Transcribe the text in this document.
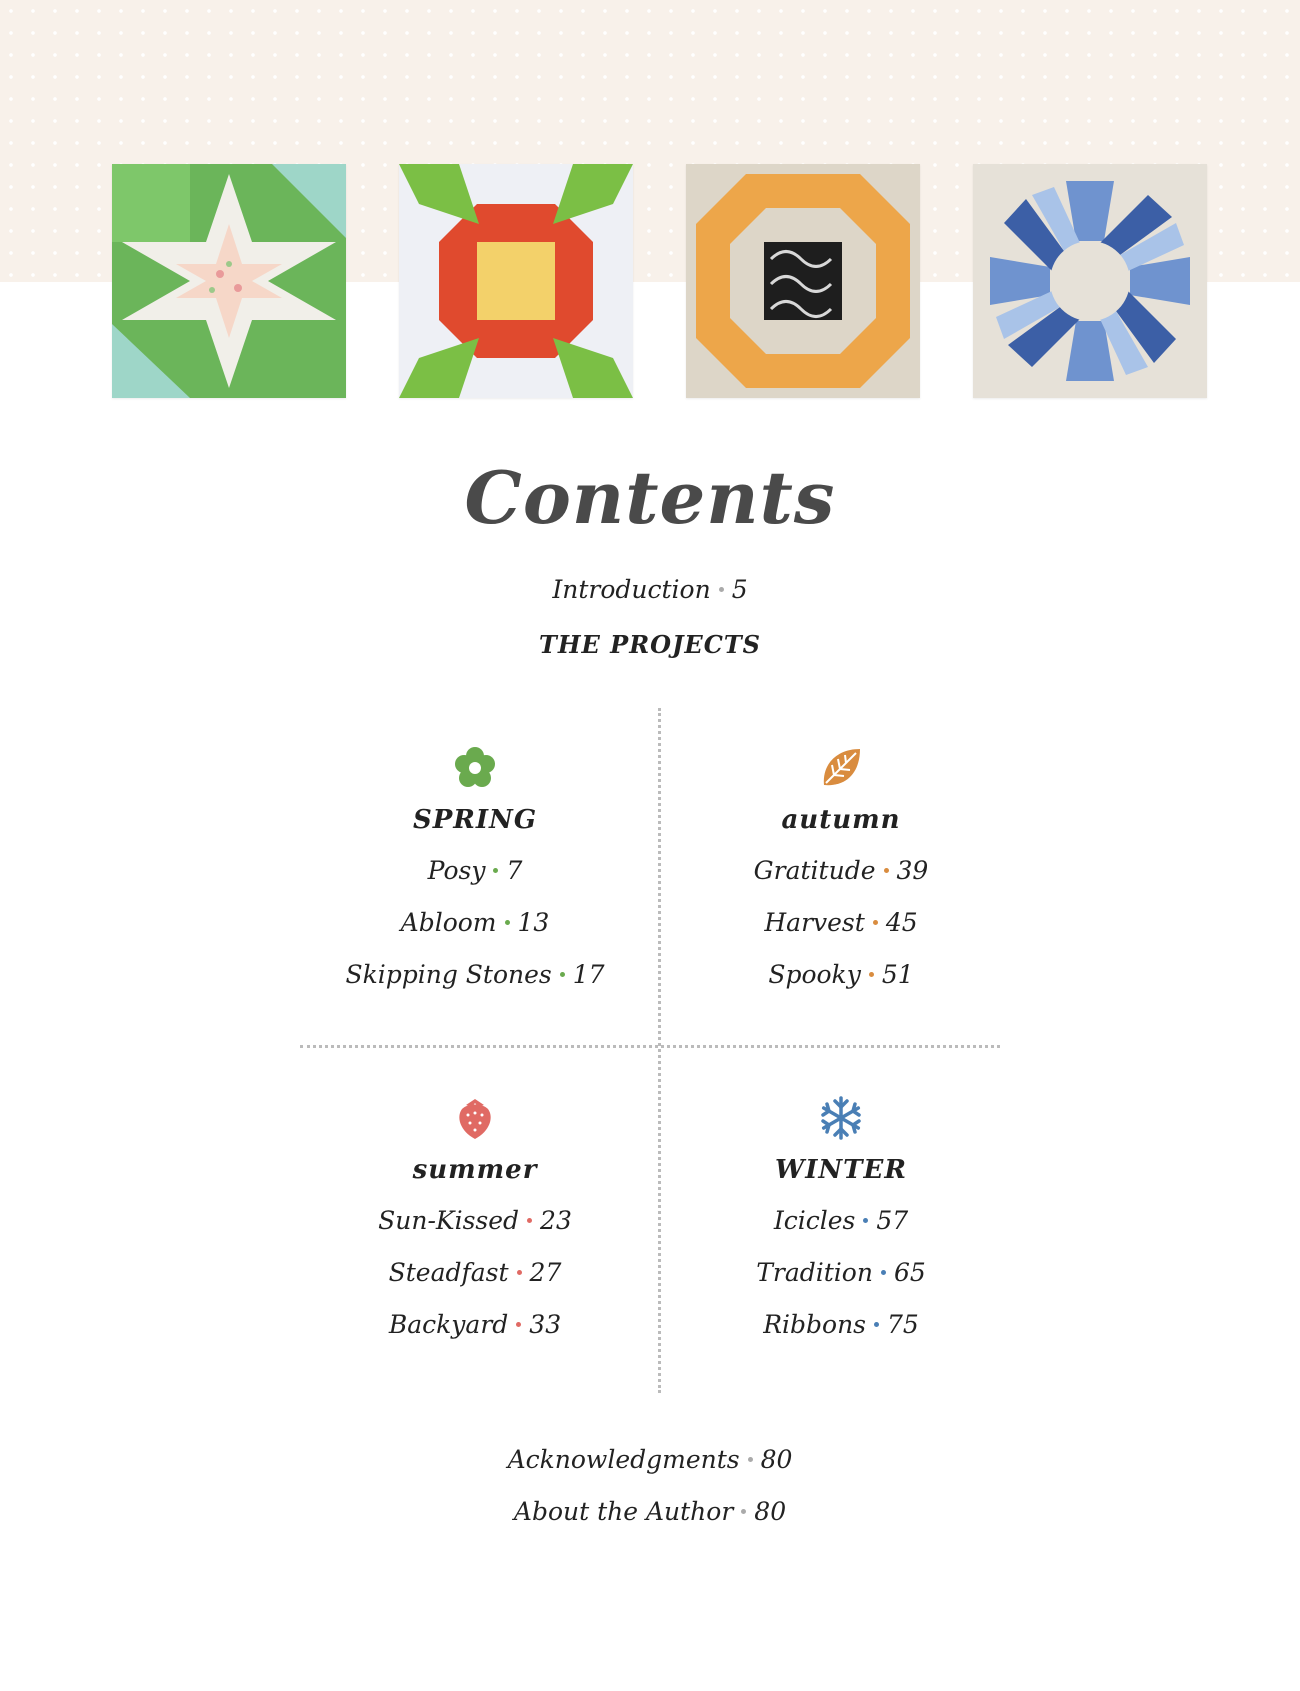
Contents
Introduction 5
THE PROJECTS
SPRING
Posy 7
Abloom 13
Skipping Stones 17
autumn
Gratitude 39
Harvest 45
Spooky 51
summer
Sun-Kissed 23
Steadfast 27
Backyard 33
WINTER
Icicles 57
Tradition 65
Ribbons 75
Acknowledgments 80
About the Author 80
